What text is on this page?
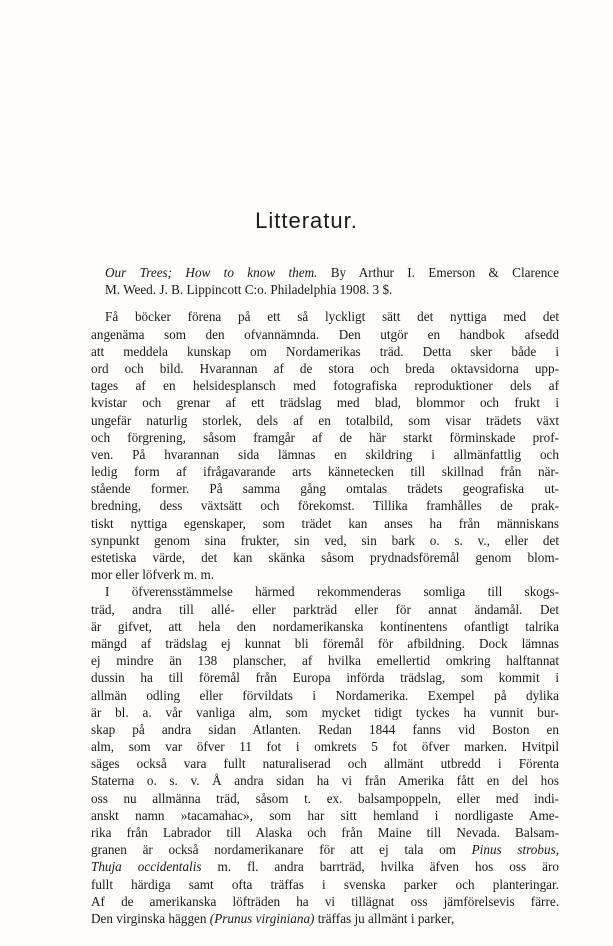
Litteratur.
Our Trees; How to know them. By Arthur I. Emerson & Clarence
M. Weed. J. B. Lippincott C:o. Philadelphia 1908. 3 $.
Få böcker förena på ett så lyckligt sätt det nyttiga med det
angenäma som den ofvannämnda. Den utgör en handbok afsedd
att meddela kunskap om Nordamerikas träd. Detta sker både i
ord och bild. Hvarannan af de stora och breda oktavsidorna upp-
tages af en helsidesplansch med fotografiska reproduktioner dels af
kvistar och grenar af ett trädslag med blad, blommor och frukt i
ungefär naturlig storlek, dels af en totalbild, som visar trädets växt
och förgrening, såsom framgår af de här starkt förminskade prof-
ven. På hvarannan sida lämnas en skildring i allmänfattlig och
ledig form af ifrågavarande arts kännetecken till skillnad från när-
stående former. På samma gång omtalas trädets geografiska ut-
bredning, dess växtsätt och förekomst. Tillika framhålles de prak-
tiskt nyttiga egenskaper, som trädet kan anses ha från människans
synpunkt genom sina frukter, sin ved, sin bark o. s. v., eller det
estetiska värde, det kan skänka såsom prydnadsföremål genom blom-
mor eller löfverk m. m.
I öfverensstämmelse härmed rekommenderas somliga till skogs-
träd, andra till allé- eller parkträd eller för annat ändamål. Det
är gifvet, att hela den nordamerikanska kontinentens ofantligt talrika
mängd af trädslag ej kunnat bli föremål för afbildning. Dock lämnas
ej mindre än 138 planscher, af hvilka emellertid omkring halftannat
dussin ha till föremål från Europa införda trädslag, som kommit i
allmän odling eller förvildats i Nordamerika. Exempel på dylika
är bl. a. vår vanliga alm, som mycket tidigt tyckes ha vunnit bur-
skap på andra sidan Atlanten. Redan 1844 fanns vid Boston en
alm, som var öfver 11 fot i omkrets 5 fot öfver marken. Hvitpil
säges också vara fullt naturaliserad och allmänt utbredd i Förenta
Staterna o. s. v. Å andra sidan ha vi från Amerika fått en del hos
oss nu allmänna träd, såsom t. ex. balsampoppeln, eller med indi-
anskt namn »tacamahac», som har sitt hemland i nordligaste Ame-
rika från Labrador till Alaska och från Maine till Nevada. Balsam-
granen är också nordamerikanare för att ej tala om Pinus strobus,
Thuja occidentalis m. fl. andra barrträd, hvilka äfven hos oss äro
fullt härdiga samt ofta träffas i svenska parker och planteringar.
Af de amerikanska löfträden ha vi tillägnat oss jämförelsevis färre.
Den virginska häggen (Prunus virginiana) träffas ju allmänt i parker,
